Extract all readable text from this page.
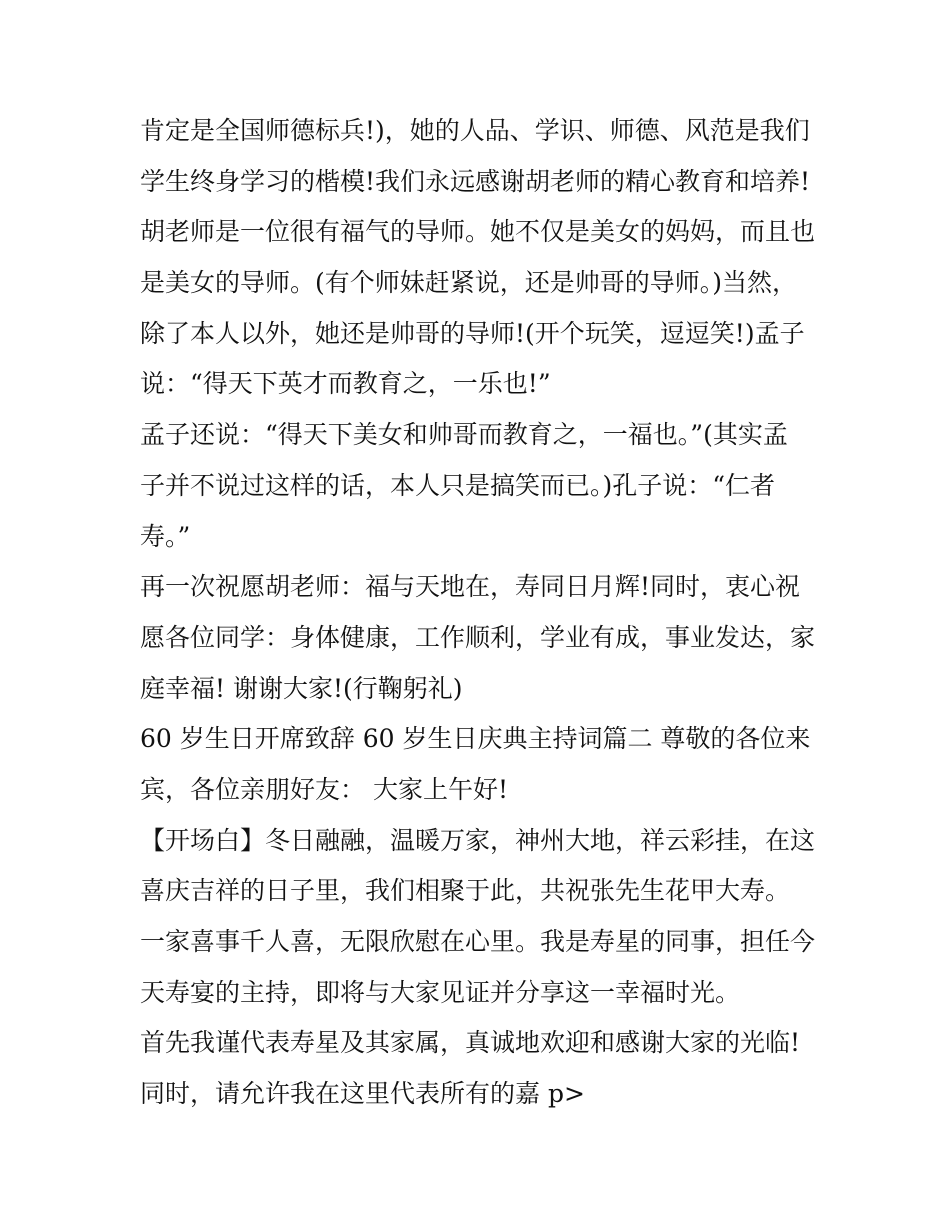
肯定是全国师德标兵!)，她的人品、学识、师德、风范是我们
学生终身学习的楷模!我们永远感谢胡老师的精心教育和培养!
胡老师是一位很有福气的导师。她不仅是美女的妈妈，而且也
是美女的导师。(有个师妹赶紧说，还是帅哥的导师。)当然，
除了本人以外，她还是帅哥的导师!(开个玩笑，逗逗笑!)孟子
说：“得天下英才而教育之，一乐也!”
孟子还说：“得天下美女和帅哥而教育之，一福也。”(其实孟
子并不说过这样的话，本人只是搞笑而已。)孔子说：“仁者
寿。”
再一次祝愿胡老师：福与天地在，寿同日月辉!同时，衷心祝
愿各位同学：身体健康，工作顺利，学业有成，事业发达，家
庭幸福! 谢谢大家!(行鞠躬礼)
60 岁生日开席致辞 60 岁生日庆典主持词篇二 尊敬的各位来
宾，各位亲朋好友： 大家上午好!
【开场白】冬日融融，温暖万家，神州大地，祥云彩挂，在这
喜庆吉祥的日子里，我们相聚于此，共祝张先生花甲大寿。
一家喜事千人喜，无限欣慰在心里。我是寿星的同事，担任今
天寿宴的主持，即将与大家见证并分享这一幸福时光。
首先我谨代表寿星及其家属，真诚地欢迎和感谢大家的光临!
同时，请允许我在这里代表所有的嘉 p>
